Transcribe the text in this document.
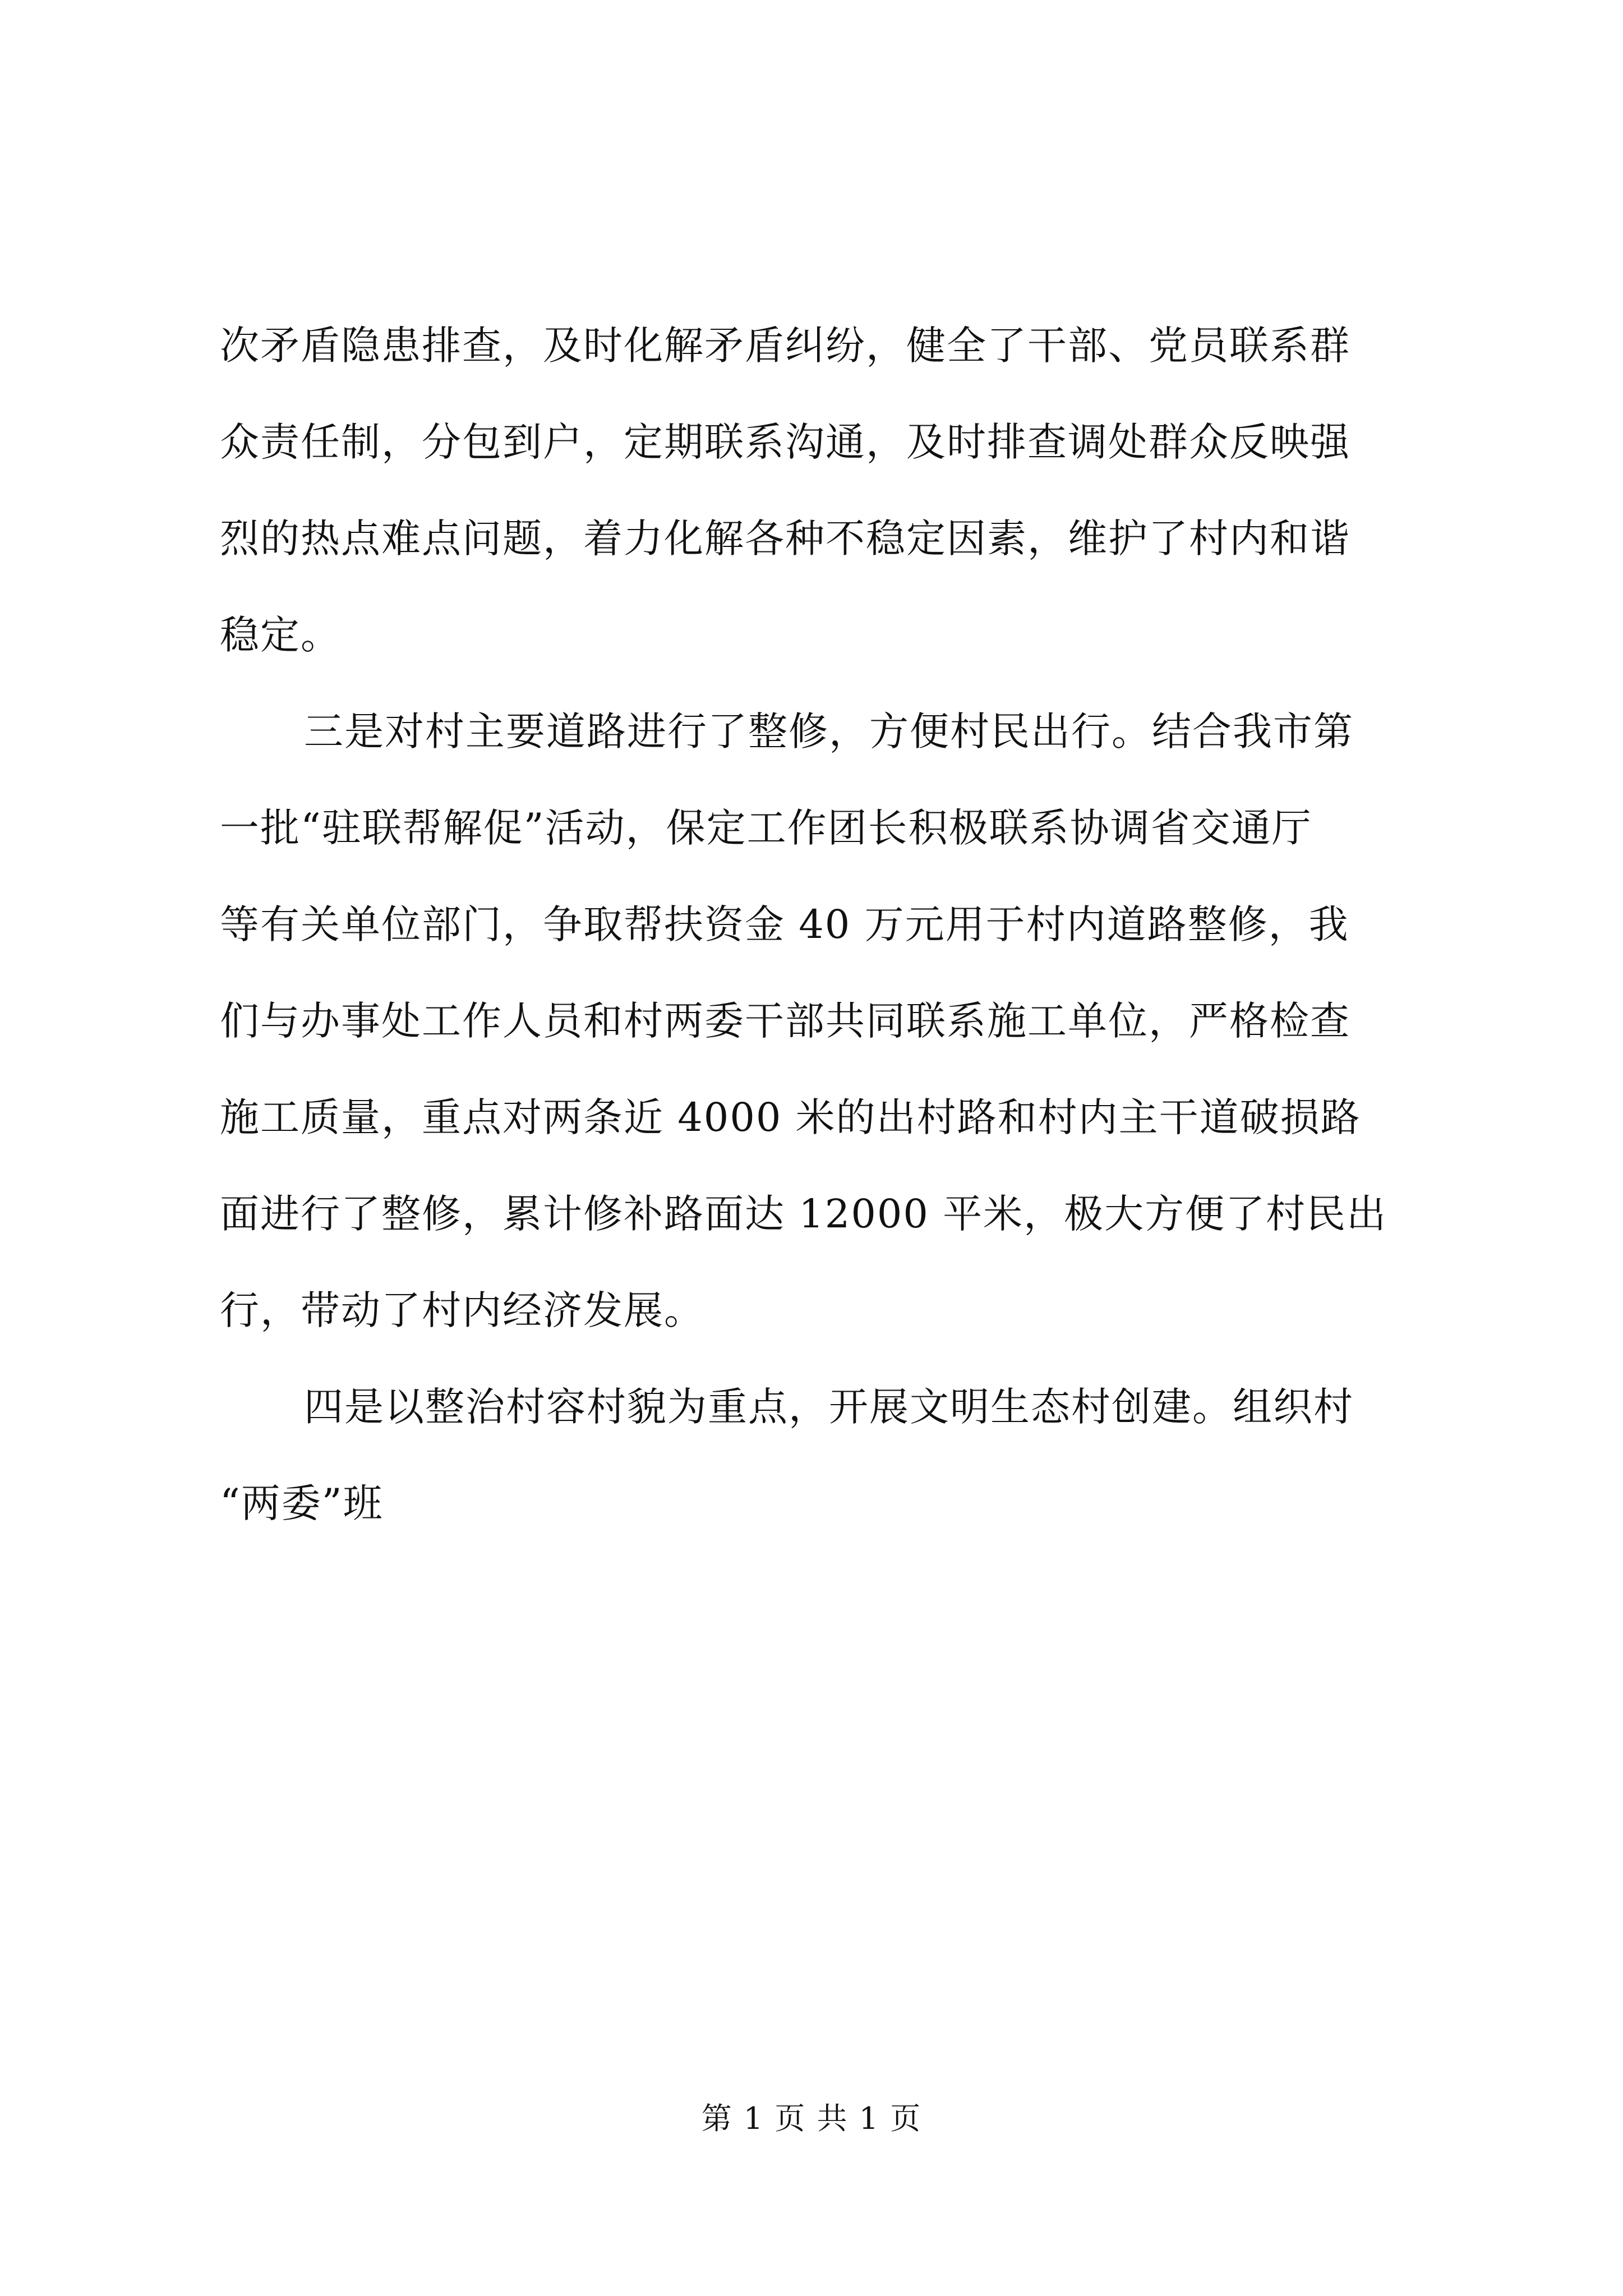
次矛盾隐患排查，及时化解矛盾纠纷，健全了干部、党员联系群
众责任制，分包到户，定期联系沟通，及时排查调处群众反映强
烈的热点难点问题，着力化解各种不稳定因素，维护了村内和谐
稳定。
三是对村主要道路进行了整修，方便村民出行。结合我市第
一批“驻联帮解促”活动，保定工作团长积极联系协调省交通厅
等有关单位部门，争取帮扶资金 40 万元用于村内道路整修，我
们与办事处工作人员和村两委干部共同联系施工单位，严格检查
施工质量，重点对两条近 4000 米的出村路和村内主干道破损路
面进行了整修，累计修补路面达 12000 平米，极大方便了村民出
行，带动了村内经济发展。
四是以整治村容村貌为重点，开展文明生态村创建。组织村
“两委”班
第 1 页 共 1 页
